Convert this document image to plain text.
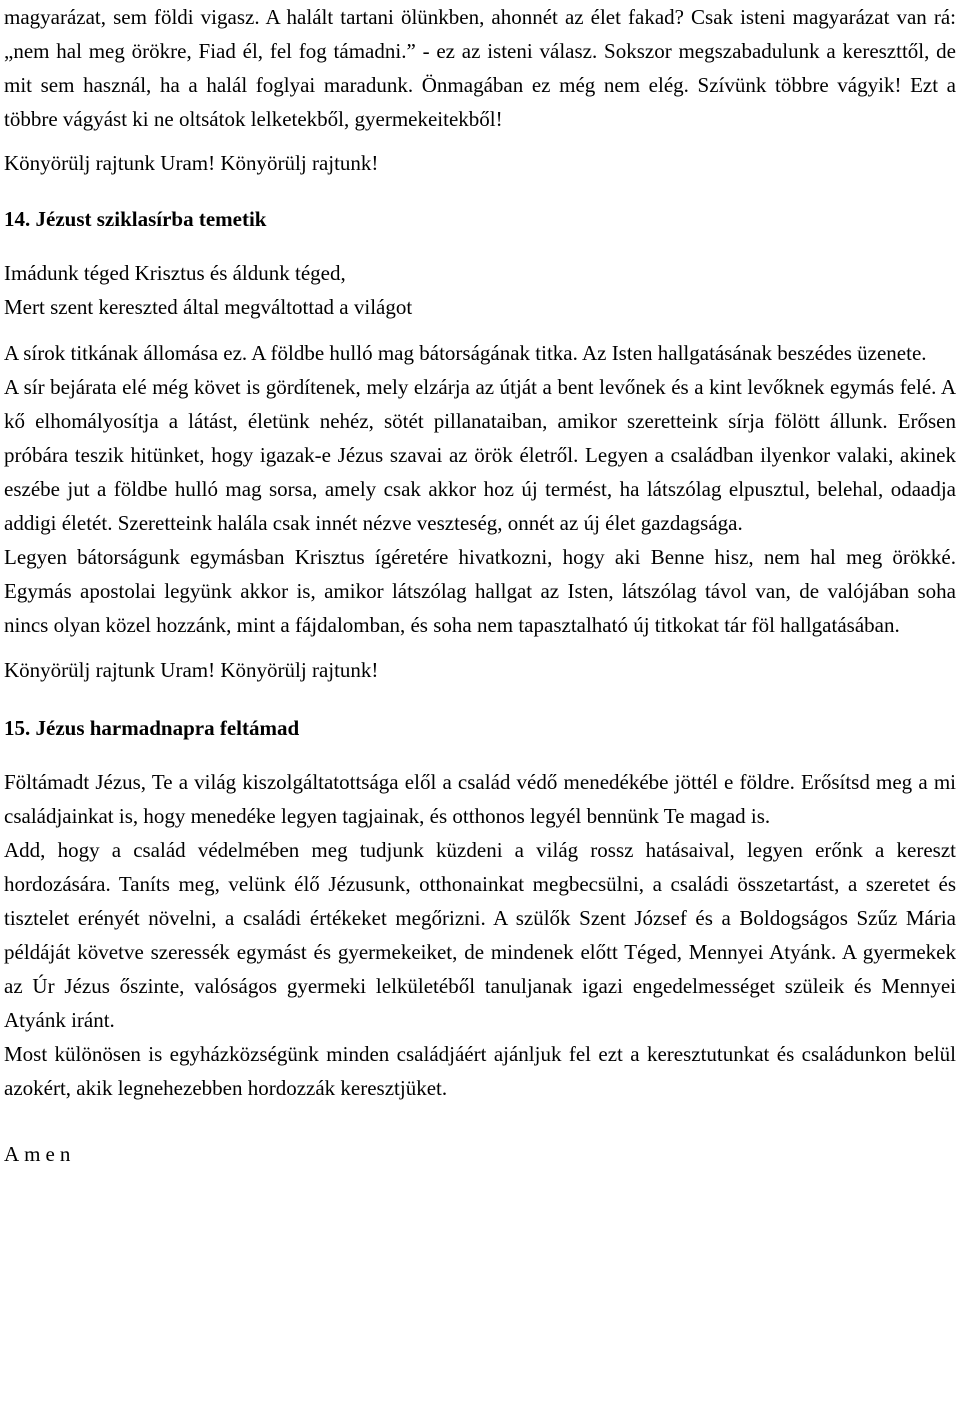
magyarázat, sem földi vigasz. A halált tartani ölünkben, ahonnét az élet fakad? Csak isteni magyarázat van rá: „nem hal meg örökre, Fiad él, fel fog támadni.” - ez az isteni válasz. Sokszor megszabadulunk a kereszttől, de mit sem használ, ha a halál foglyai maradunk. Önmagában ez még nem elég. Szívünk többre vágyik! Ezt a többre vágyást ki ne oltsátok lelketekből, gyermekeitekből!

Könyörülj rajtunk Uram! Könyörülj rajtunk!

14. Jézust sziklasírba temetik

Imádunk téged Krisztus és áldunk téged,

Mert szent kereszted által megváltottad a világot

A sírok titkának állomása ez. A földbe hulló mag bátorságának titka. Az Isten hallgatásának beszédes üzenete.

A sír bejárata elé még követ is gördítenek, mely elzárja az útját a bent levőnek és a kint levőknek egymás felé. A kő elhomályosítja a látást, életünk nehéz, sötét pillanataiban, amikor szeretteink sírja fölött állunk. Erősen próbára teszik hitünket, hogy igazak-e Jézus szavai az örök életről. Legyen a családban ilyenkor valaki, akinek eszébe jut a földbe hulló mag sorsa, amely csak akkor hoz új termést, ha látszólag elpusztul, belehal, odaadja addigi életét. Szeretteink halála csak innét nézve veszteség, onnét az új élet gazdagsága.

Legyen bátorságunk egymásban Krisztus ígéretére hivatkozni, hogy aki Benne hisz, nem hal meg örökké. Egymás apostolai legyünk akkor is, amikor látszólag hallgat az Isten, látszólag távol van, de valójában soha nincs olyan közel hozzánk, mint a fájdalomban, és soha nem tapasztalható új titkokat tár föl hallgatásában.

Könyörülj rajtunk Uram! Könyörülj rajtunk!

15. Jézus harmadnapra feltámad

Föltámadt Jézus, Te a világ kiszolgáltatottsága elől a család védő menedékébe jöttél e földre. Erősítsd meg a mi családjainkat is, hogy menedéke legyen tagjainak, és otthonos legyél bennünk Te magad is.

Add, hogy a család védelmében meg tudjunk küzdeni a világ rossz hatásaival, legyen erőnk a kereszt hordozására. Taníts meg, velünk élő Jézusunk, otthonainkat megbecsülni, a családi összetartást, a szeretet és tisztelet erényét növelni, a családi értékeket megőrizni. A szülők Szent József és a Boldogságos Szűz Mária példáját követve szeressék egymást és gyermekeiket, de mindenek előtt Téged, Mennyei Atyánk. A gyermekek az Úr Jézus őszinte, valóságos gyermeki lelkületéből tanuljanak igazi engedelmességet szüleik és Mennyei Atyánk iránt.

Most különösen is egyházközségünk minden családjáért ajánljuk fel ezt a keresztutunkat és családunkon belül azokért, akik legnehezebben hordozzák keresztjüket.

Amen
